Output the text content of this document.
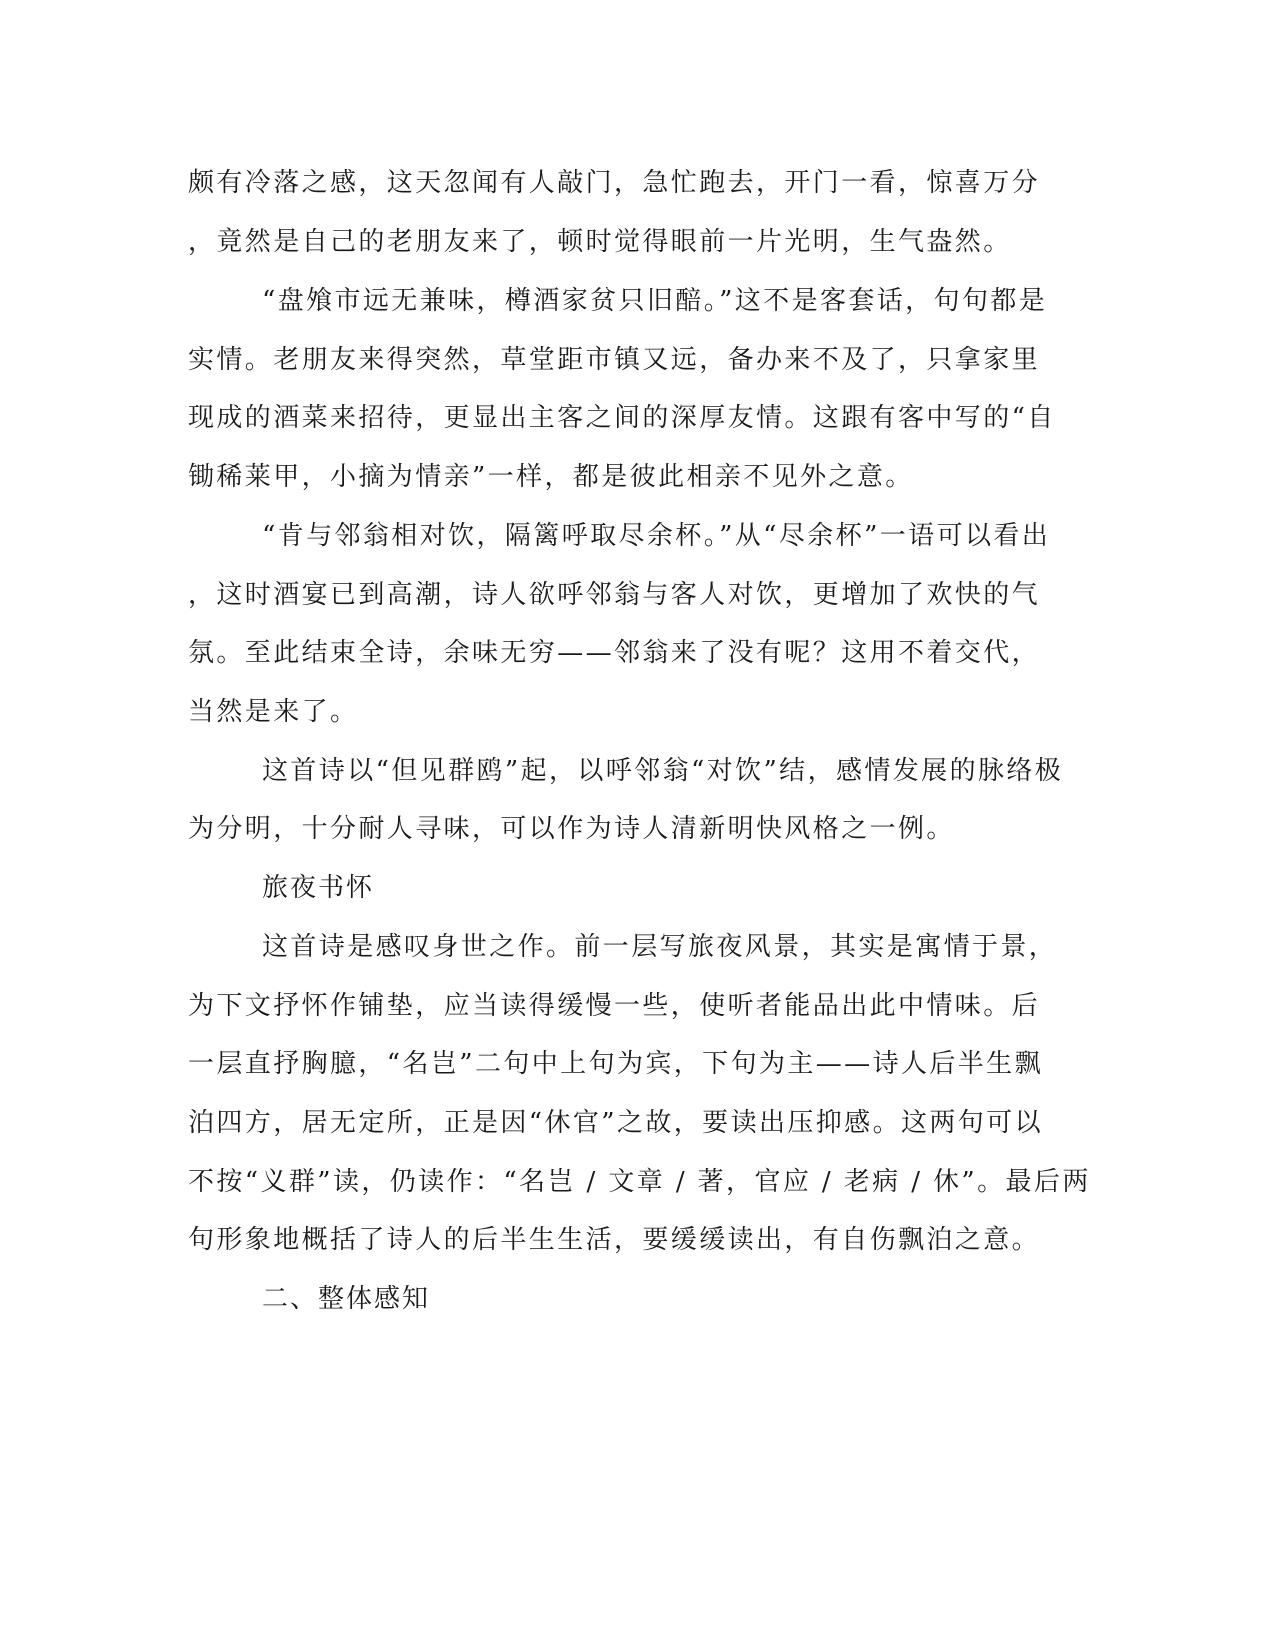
颇有冷落之感，这天忽闻有人敲门，急忙跑去，开门一看，惊喜万分

，竟然是自己的老朋友来了，顿时觉得眼前一片光明，生气盎然。

“盘飧市远无兼味，樽酒家贫只旧醅。”这不是客套话，句句都是

实情。老朋友来得突然，草堂距市镇又远，备办来不及了，只拿家里

现成的酒菜来招待，更显出主客之间的深厚友情。这跟有客中写的“自

锄稀莱甲，小摘为情亲”一样，都是彼此相亲不见外之意。

“肯与邻翁相对饮，隔篱呼取尽余杯。”从“尽余杯”一语可以看出

，这时酒宴已到高潮，诗人欲呼邻翁与客人对饮，更增加了欢快的气

氛。至此结束全诗，余味无穷——邻翁来了没有呢？这用不着交代，

当然是来了。

这首诗以“但见群鸥”起，以呼邻翁“对饮”结，感情发展的脉络极

为分明，十分耐人寻味，可以作为诗人清新明快风格之一例。

旅夜书怀

这首诗是感叹身世之作。前一层写旅夜风景，其实是寓情于景，

为下文抒怀作铺垫，应当读得缓慢一些，使听者能品出此中情味。后

一层直抒胸臆，“名岂”二句中上句为宾，下句为主——诗人后半生飘

泊四方，居无定所，正是因“休官”之故，要读出压抑感。这两句可以

不按“义群”读，仍读作：“名岂 / 文章 / 著，官应 / 老病 / 休”。最后两

句形象地概括了诗人的后半生生活，要缓缓读出，有自伤飘泊之意。

二、整体感知
